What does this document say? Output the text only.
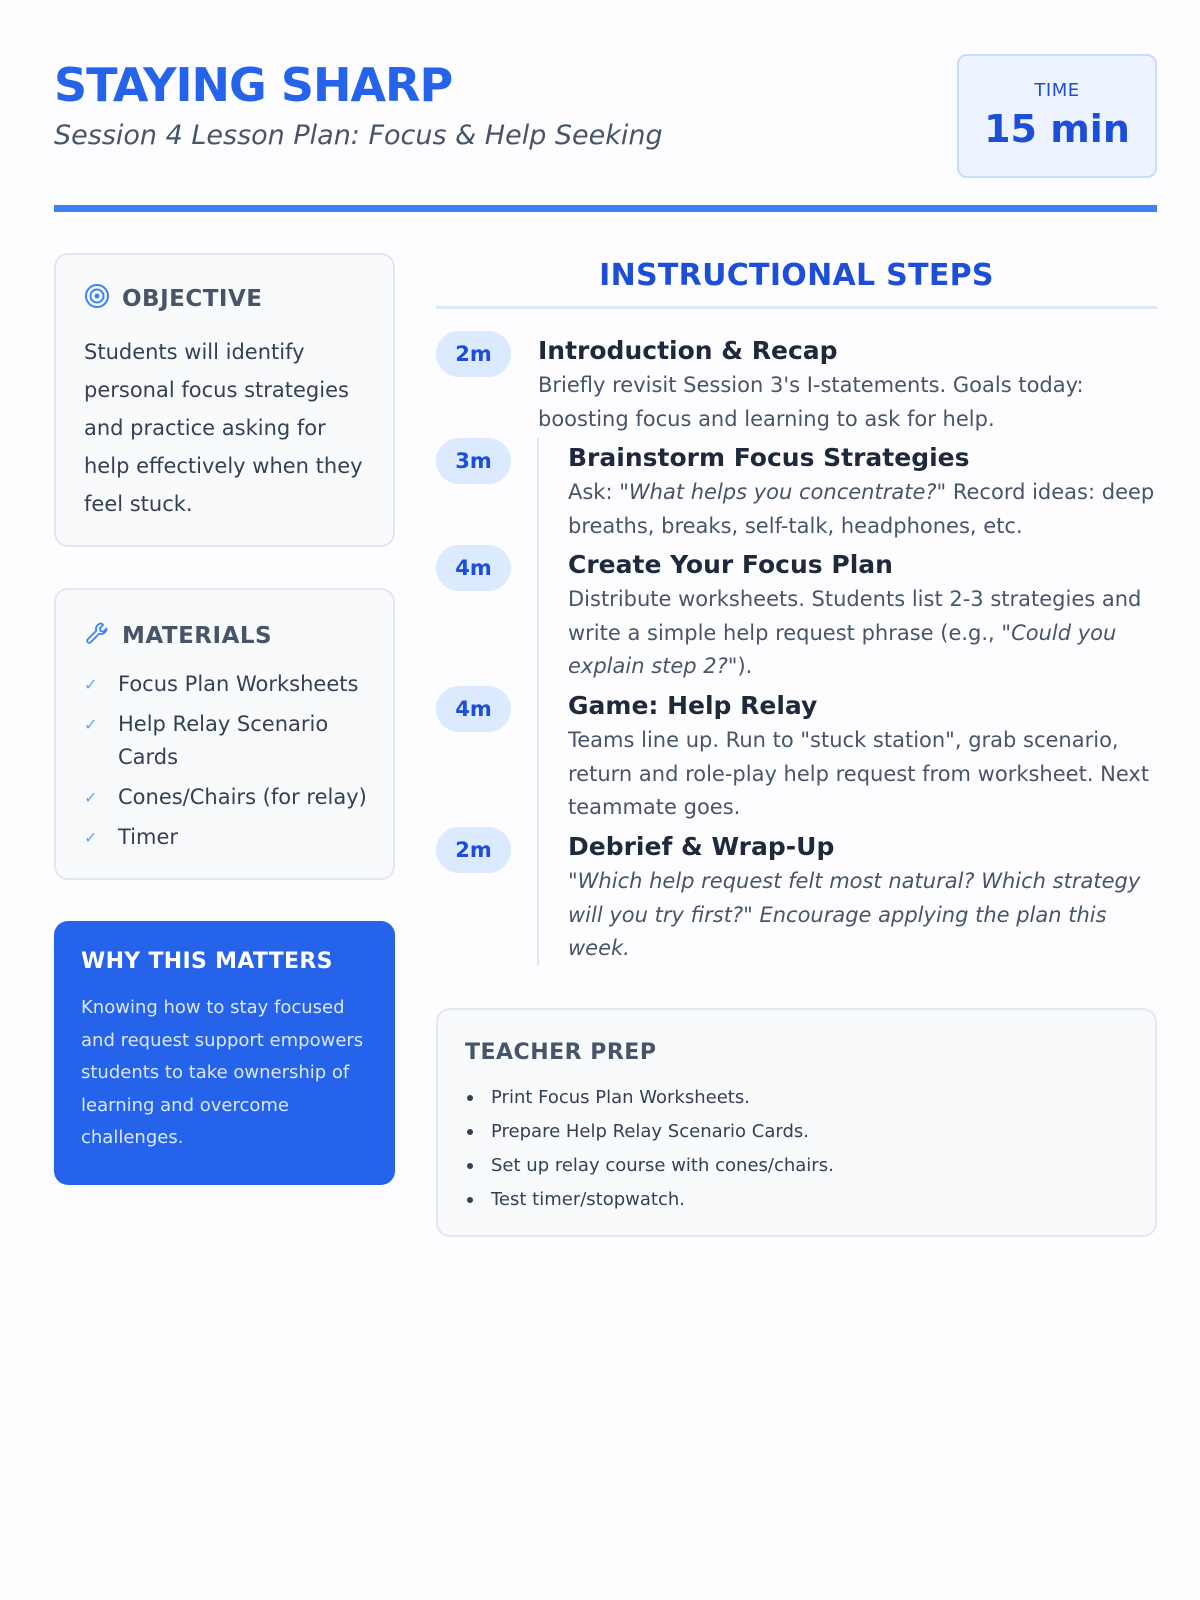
STAYING SHARP
Session 4 Lesson Plan: Focus & Help Seeking
TIME
15 min
OBJECTIVE

Students will identify personal focus strategies and practice asking for help effectively when they feel stuck.

MATERIALS
✓ Focus Plan Worksheets
✓ Help Relay Scenario Cards
✓ Cones/Chairs (for relay)
✓ Timer
WHY THIS MATTERS

Knowing how to stay focused and request support empowers students to take ownership of learning and overcome challenges.

INSTRUCTIONAL STEPS
2m	Introduction & Recap
Briefly revisit Session 3's I-statements. Goals today: boosting focus and learning to ask for help.
3m	Brainstorm Focus Strategies
Ask: "What helps you concentrate?" Record ideas: deep breaths, breaks, self-talk, headphones, etc.
4m	Create Your Focus Plan
Distribute worksheets. Students list 2-3 strategies and write a simple help request phrase (e.g., "Could you explain step 2?").
4m	Game: Help Relay
Teams line up. Run to "stuck station", grab scenario, return and role-play help request from worksheet. Next teammate goes.
2m	Debrief & Wrap-Up
"Which help request felt most natural? Which strategy will you try first?" Encourage applying the plan this week.
TEACHER PREP
Print Focus Plan Worksheets.
Prepare Help Relay Scenario Cards.
Set up relay course with cones/chairs.
Test timer/stopwatch.
